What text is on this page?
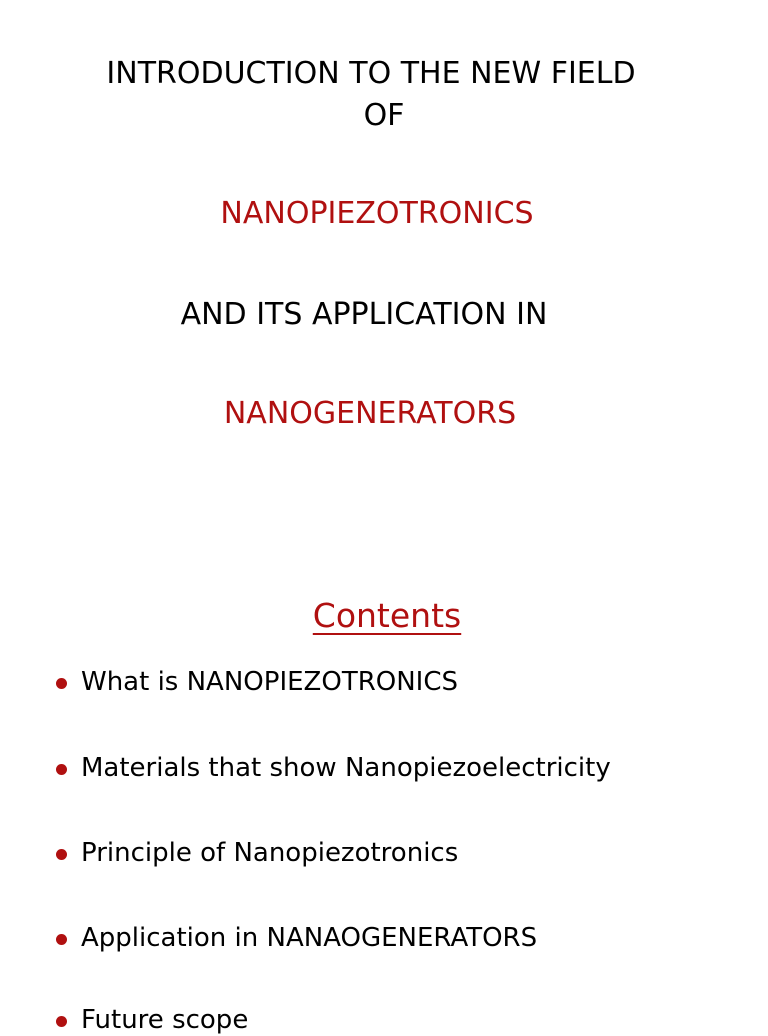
INTRODUCTION TO THE NEW FIELD
OF
NANOPIEZOTRONICS
AND ITS APPLICATION IN
NANOGENERATORS
Contents
What is NANOPIEZOTRONICS
Materials that show Nanopiezoelectricity
Principle of Nanopiezotronics
Application in NANAOGENERATORS
Future scope
